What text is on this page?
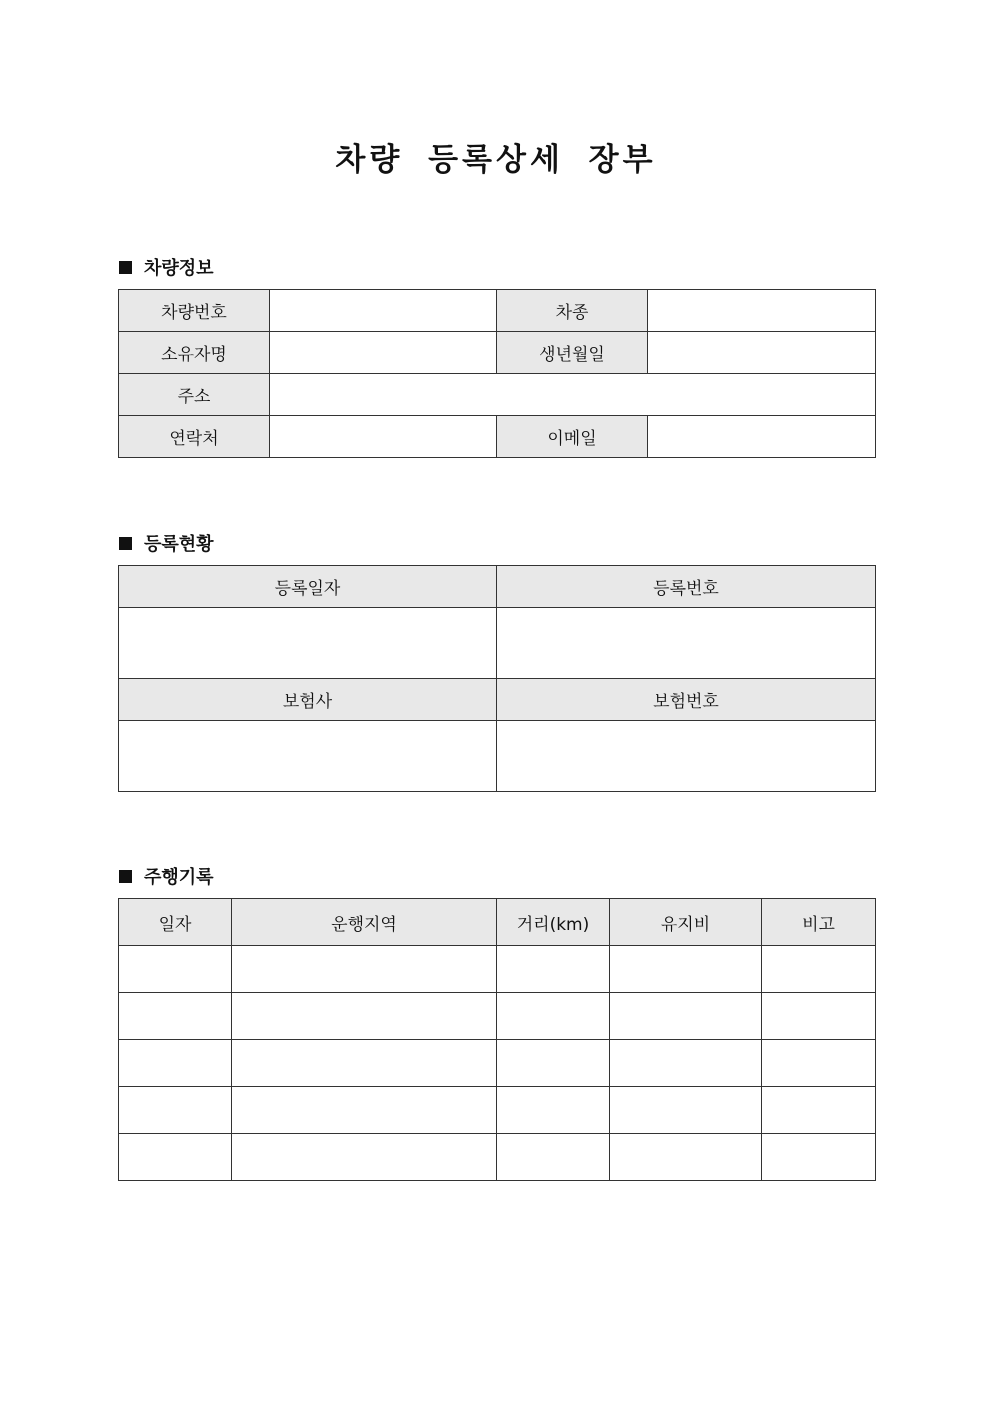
차량 등록상세 장부
차량정보
차량번호		차종	
소유자명		생년월일	
주소			
연락처		이메일	
등록현황
등록일자	등록번호

보험사	보험번호

주행기록
일자	운행지역	거리(km)	유지비	비고
